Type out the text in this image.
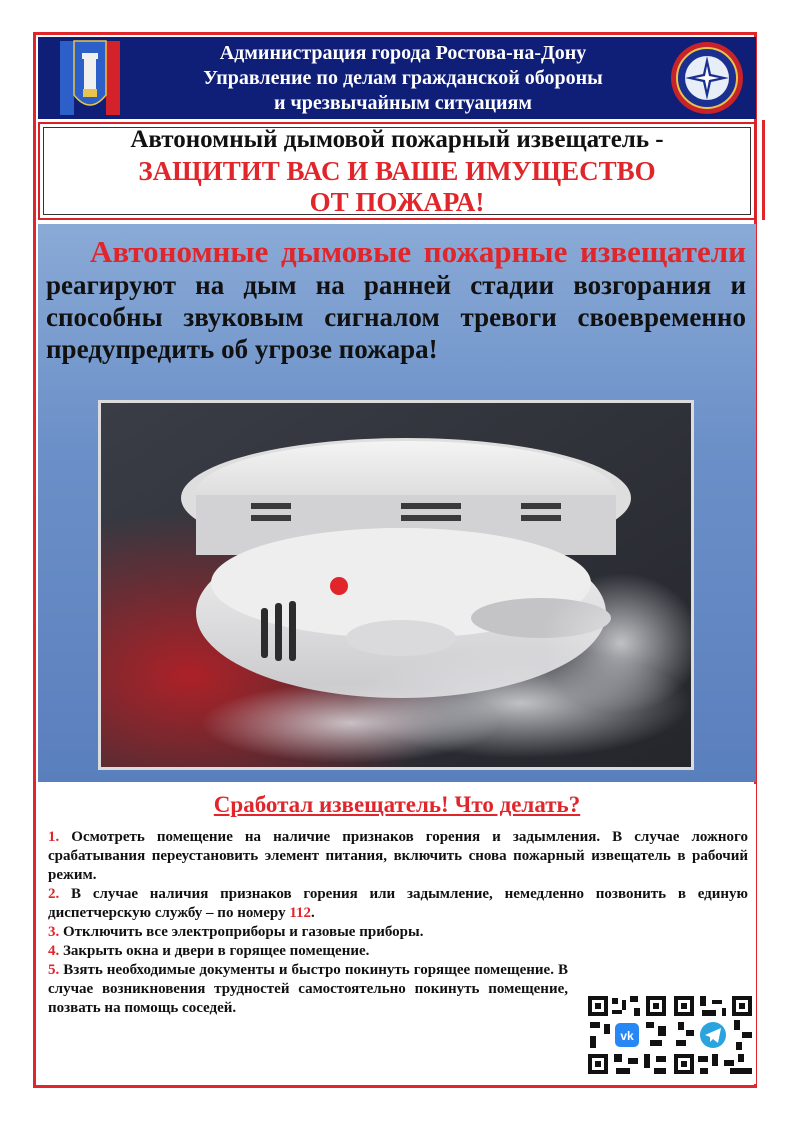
Администрация города Ростова-на-Дону
Управление по делам гражданской обороны
и чрезвычайным ситуациям
Автономный дымовой пожарный извещатель -
ЗАЩИТИТ ВАС И ВАШЕ ИМУЩЕСТВО
ОТ ПОЖАРА!
Автономные дымовые пожарные извещатели реагируют на дым на ранней стадии возгорания и способны звуковым сигналом тревоги своевременно предупредить об угрозе пожара!
Сработал извещатель! Что делать?

1. Осмотреть помещение на наличие признаков горения и задымления. В случае ложного срабатывания переустановить элемент питания, включить снова пожарный извещатель в рабочий режим.

2. В случае наличия признаков горения или задымление, немедленно позвонить в единую диспетчерскую службу – по номеру 112.

3. Отключить все электроприборы и газовые приборы.

4. Закрыть окна и двери в горящее помещение.

5. Взять необходимые документы и быстро покинуть горящее помещение. В случае возникновения трудностей самостоятельно покинуть помещение, позвать на помощь соседей.

vk
